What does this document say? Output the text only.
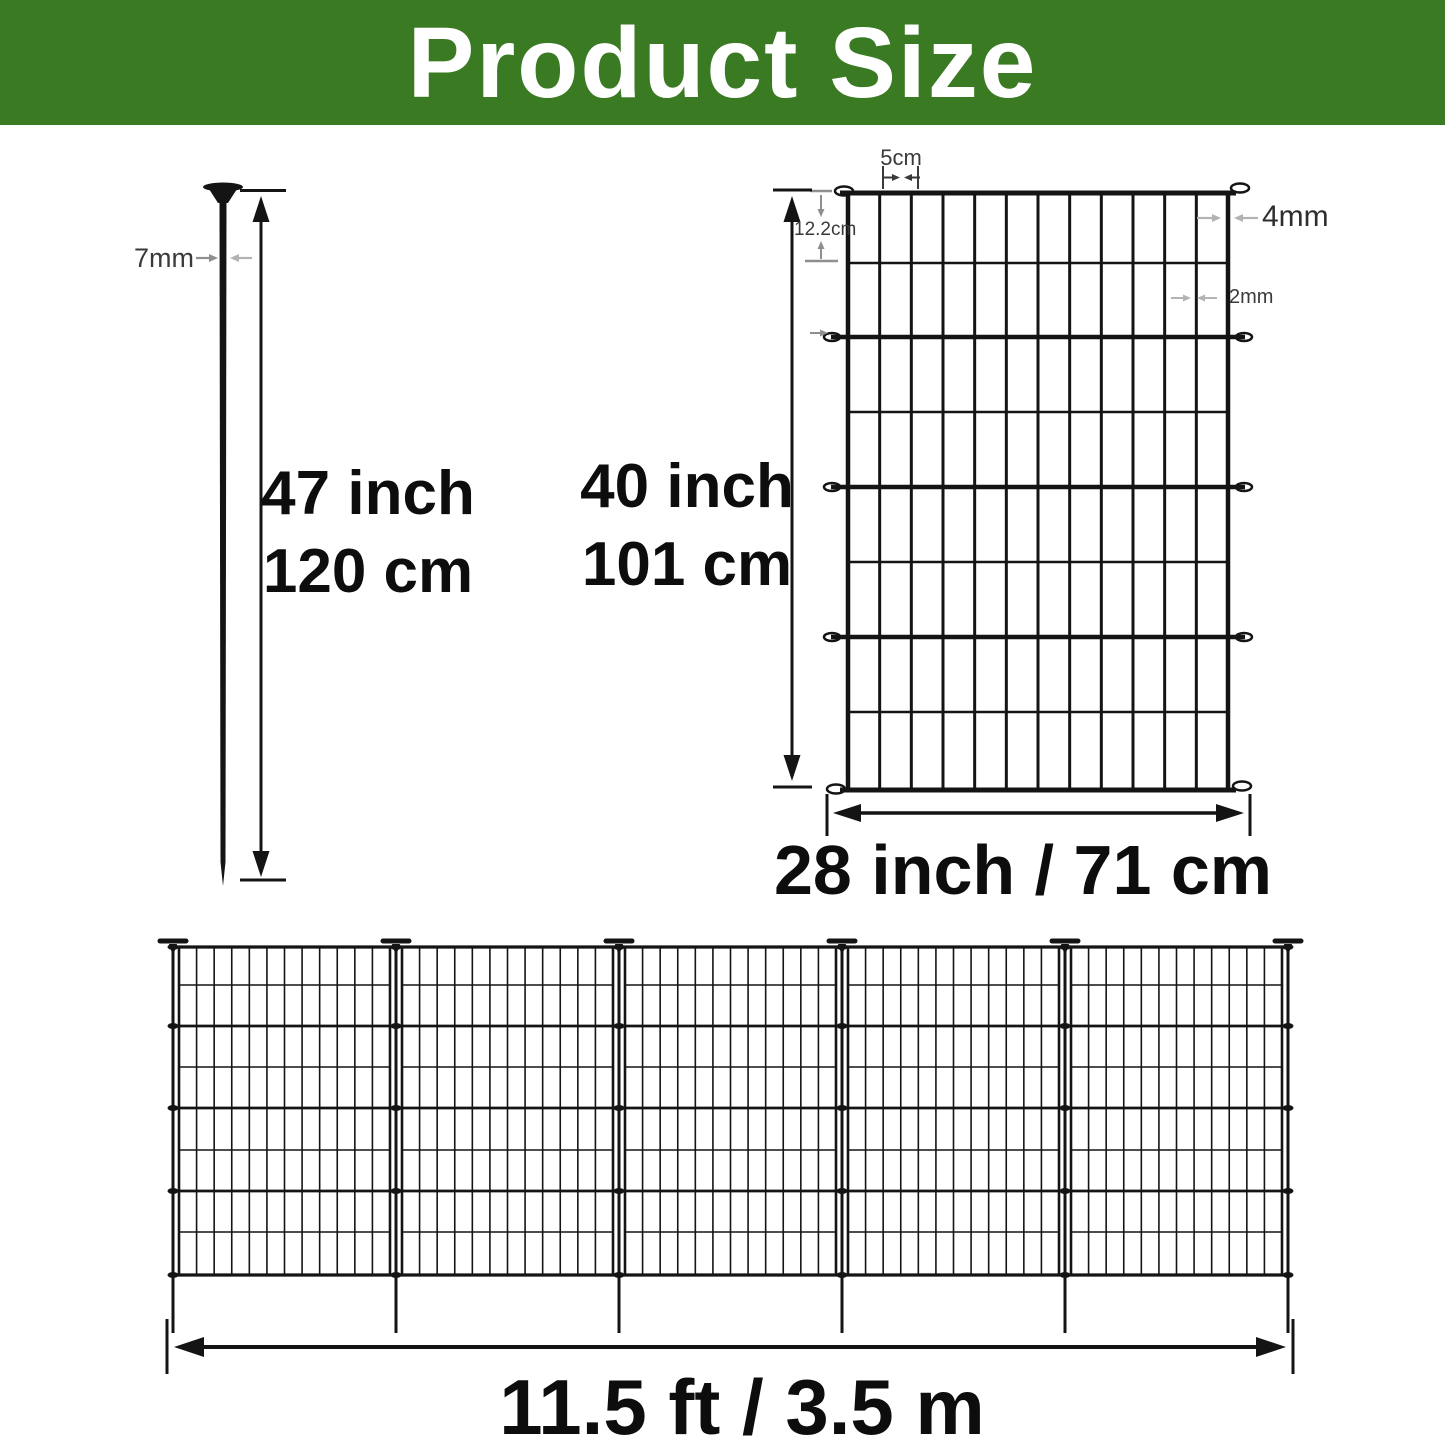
Product Size
7mm
47 inch
120 cm
40 inch
101 cm
28 inch / 71 cm
5cm
12.2cm	4mm
2mm
11.5 ft / 3.5 m
